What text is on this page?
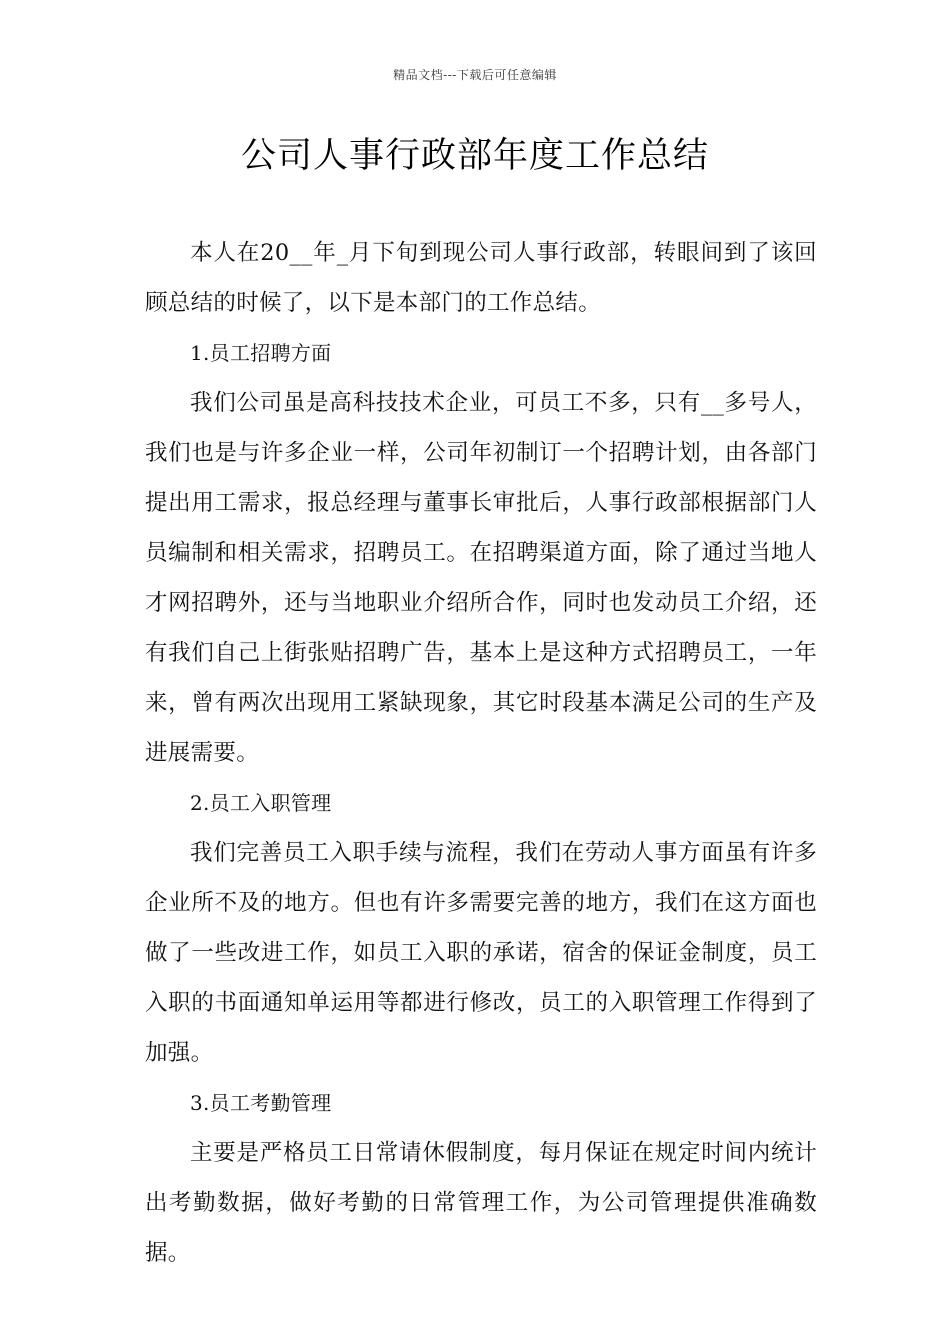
精品文档---下载后可任意编辑
公司人事行政部年度工作总结

本人在20__年_月下旬到现公司人事行政部，转眼间到了该回顾总结的时候了，以下是本部门的工作总结。

1.员工招聘方面

我们公司虽是高科技技术企业，可员工不多，只有__多号人，我们也是与许多企业一样，公司年初制订一个招聘计划，由各部门提出用工需求，报总经理与董事长审批后，人事行政部根据部门人员编制和相关需求，招聘员工。在招聘渠道方面，除了通过当地人才网招聘外，还与当地职业介绍所合作，同时也发动员工介绍，还有我们自己上街张贴招聘广告，基本上是这种方式招聘员工，一年来，曾有两次出现用工紧缺现象，其它时段基本满足公司的生产及进展需要。

2.员工入职管理

我们完善员工入职手续与流程，我们在劳动人事方面虽有许多企业所不及的地方。但也有许多需要完善的地方，我们在这方面也做了一些改进工作，如员工入职的承诺，宿舍的保证金制度，员工入职的书面通知单运用等都进行修改，员工的入职管理工作得到了加强。

3.员工考勤管理

主要是严格员工日常请休假制度，每月保证在规定时间内统计出考勤数据，做好考勤的日常管理工作，为公司管理提供准确数据。
